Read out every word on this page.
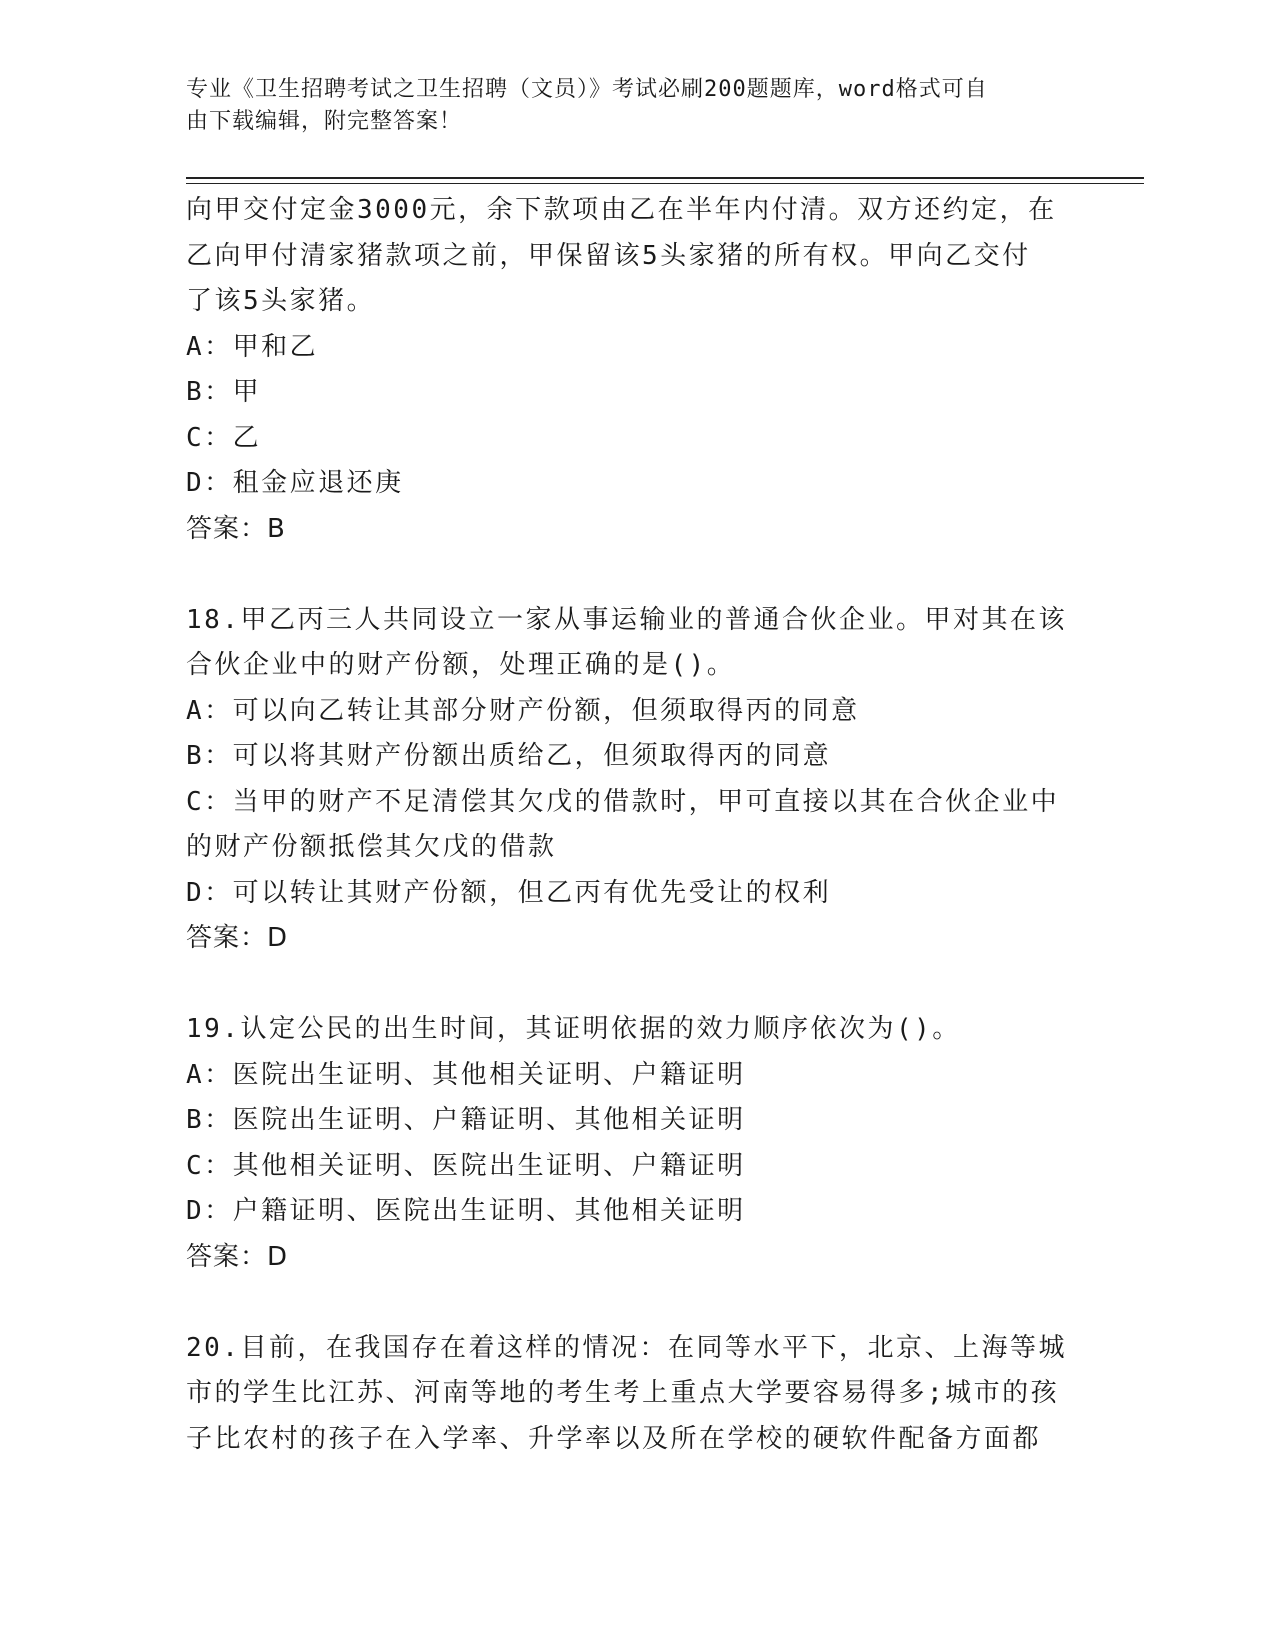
专业《卫生招聘考试之卫生招聘（文员）》考试必刷200题题库，word格式可自
由下载编辑，附完整答案！
向甲交付定金3000元，余下款项由乙在半年内付清。双方还约定，在
乙向甲付清家猪款项之前，甲保留该5头家猪的所有权。甲向乙交付
了该5头家猪。
A：甲和乙
B：甲
C：乙
D：租金应退还庚
答案：B
18.甲乙丙三人共同设立一家从事运输业的普通合伙企业。甲对其在该
合伙企业中的财产份额，处理正确的是()。
A：可以向乙转让其部分财产份额，但须取得丙的同意
B：可以将其财产份额出质给乙，但须取得丙的同意
C：当甲的财产不足清偿其欠戊的借款时，甲可直接以其在合伙企业中
的财产份额抵偿其欠戊的借款
D：可以转让其财产份额，但乙丙有优先受让的权利
答案：D
19.认定公民的出生时间，其证明依据的效力顺序依次为()。
A：医院出生证明、其他相关证明、户籍证明
B：医院出生证明、户籍证明、其他相关证明
C：其他相关证明、医院出生证明、户籍证明
D：户籍证明、医院出生证明、其他相关证明
答案：D
20.目前，在我国存在着这样的情况：在同等水平下，北京、上海等城
市的学生比江苏、河南等地的考生考上重点大学要容易得多;城市的孩
子比农村的孩子在入学率、升学率以及所在学校的硬软件配备方面都
